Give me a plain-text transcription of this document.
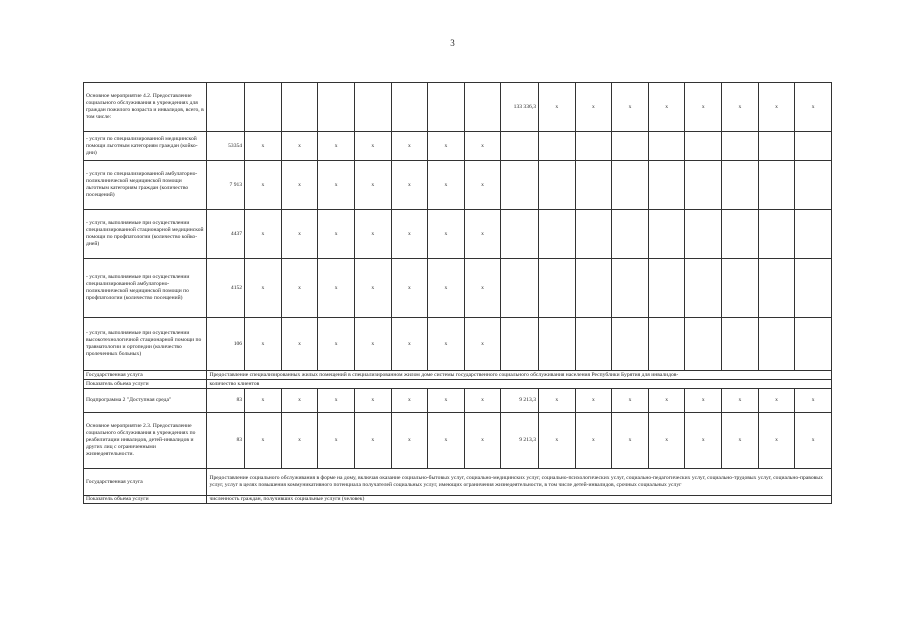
3
Основное мероприятие 4.2. Предоставление социального обслуживания в учреждениях для граждан пожилого возраста и инвалидов, всего, в том числе:									133 336,3	x	x	x	x	x	x	x	x
- услуги по специализированной медицинской помощи льготным категориям граждан (койко-дни)	53354	x	x	x	x	x	x	x									
- услуги по специализированной амбулаторно-поликлинической медицинской помощи льготным категориям граждан (количество посещений)	7 913	x	x	x	x	x	x	x									
- услуги, выполняемые при осуществлении специализированной стационарной медицинской помощи по профпатологии (количество койко-дней)	4437	x	x	x	x	x	x	x									
- услуги, выполняемые при осуществлении специализированной амбулаторно-поликлинической медицинской помощи по профпатологии (количество посещений)	4152	x	x	x	x	x	x	x									
- услуги, выполняемые при осуществлении высокотехнологичной стационарной помощи по травматологии и ортопедии (количество пролеченных больных)	106	x	x	x	x	x	x	x									
Государственная услуга	Предоставление специализированных жилых помещений в специализированном жилом доме системы государственного социального обслуживания населения Республики Бурятия для инвалидов-																
Показатель объема услуги	количество клиентов																
Подпрограмма 2 "Доступная среда"	83	x	x	x	x	x	x	x	9 213,3	x	x	x	x	x	x	x	x
Основное мероприятие 2.3. Предоставление социального обслуживания в учреждениях по реабилитации инвалидов, детей-инвалидов и других лиц с ограниченными жизнедеятельности.	83	x	x	x	x	x	x	x	9 213,3	x	x	x	x	x	x	x	x
Государственная услуга	Предоставление социального обслуживания в форме на дому, включая оказание социально-бытовых услуг, социально-медицинских услуг, социально-психологических услуг, социально-педагогических услуг, социально-трудовых услуг, социально-правовых услуг, услуг в целях повышения коммуникативного потенциала получателей социальных услуг, имеющих ограничения жизнедеятельности, в том числе детей-инвалидов, срочных социальных услуг																
Показатель объема услуги	численность граждан, получивших социальные услуги (человек)																
